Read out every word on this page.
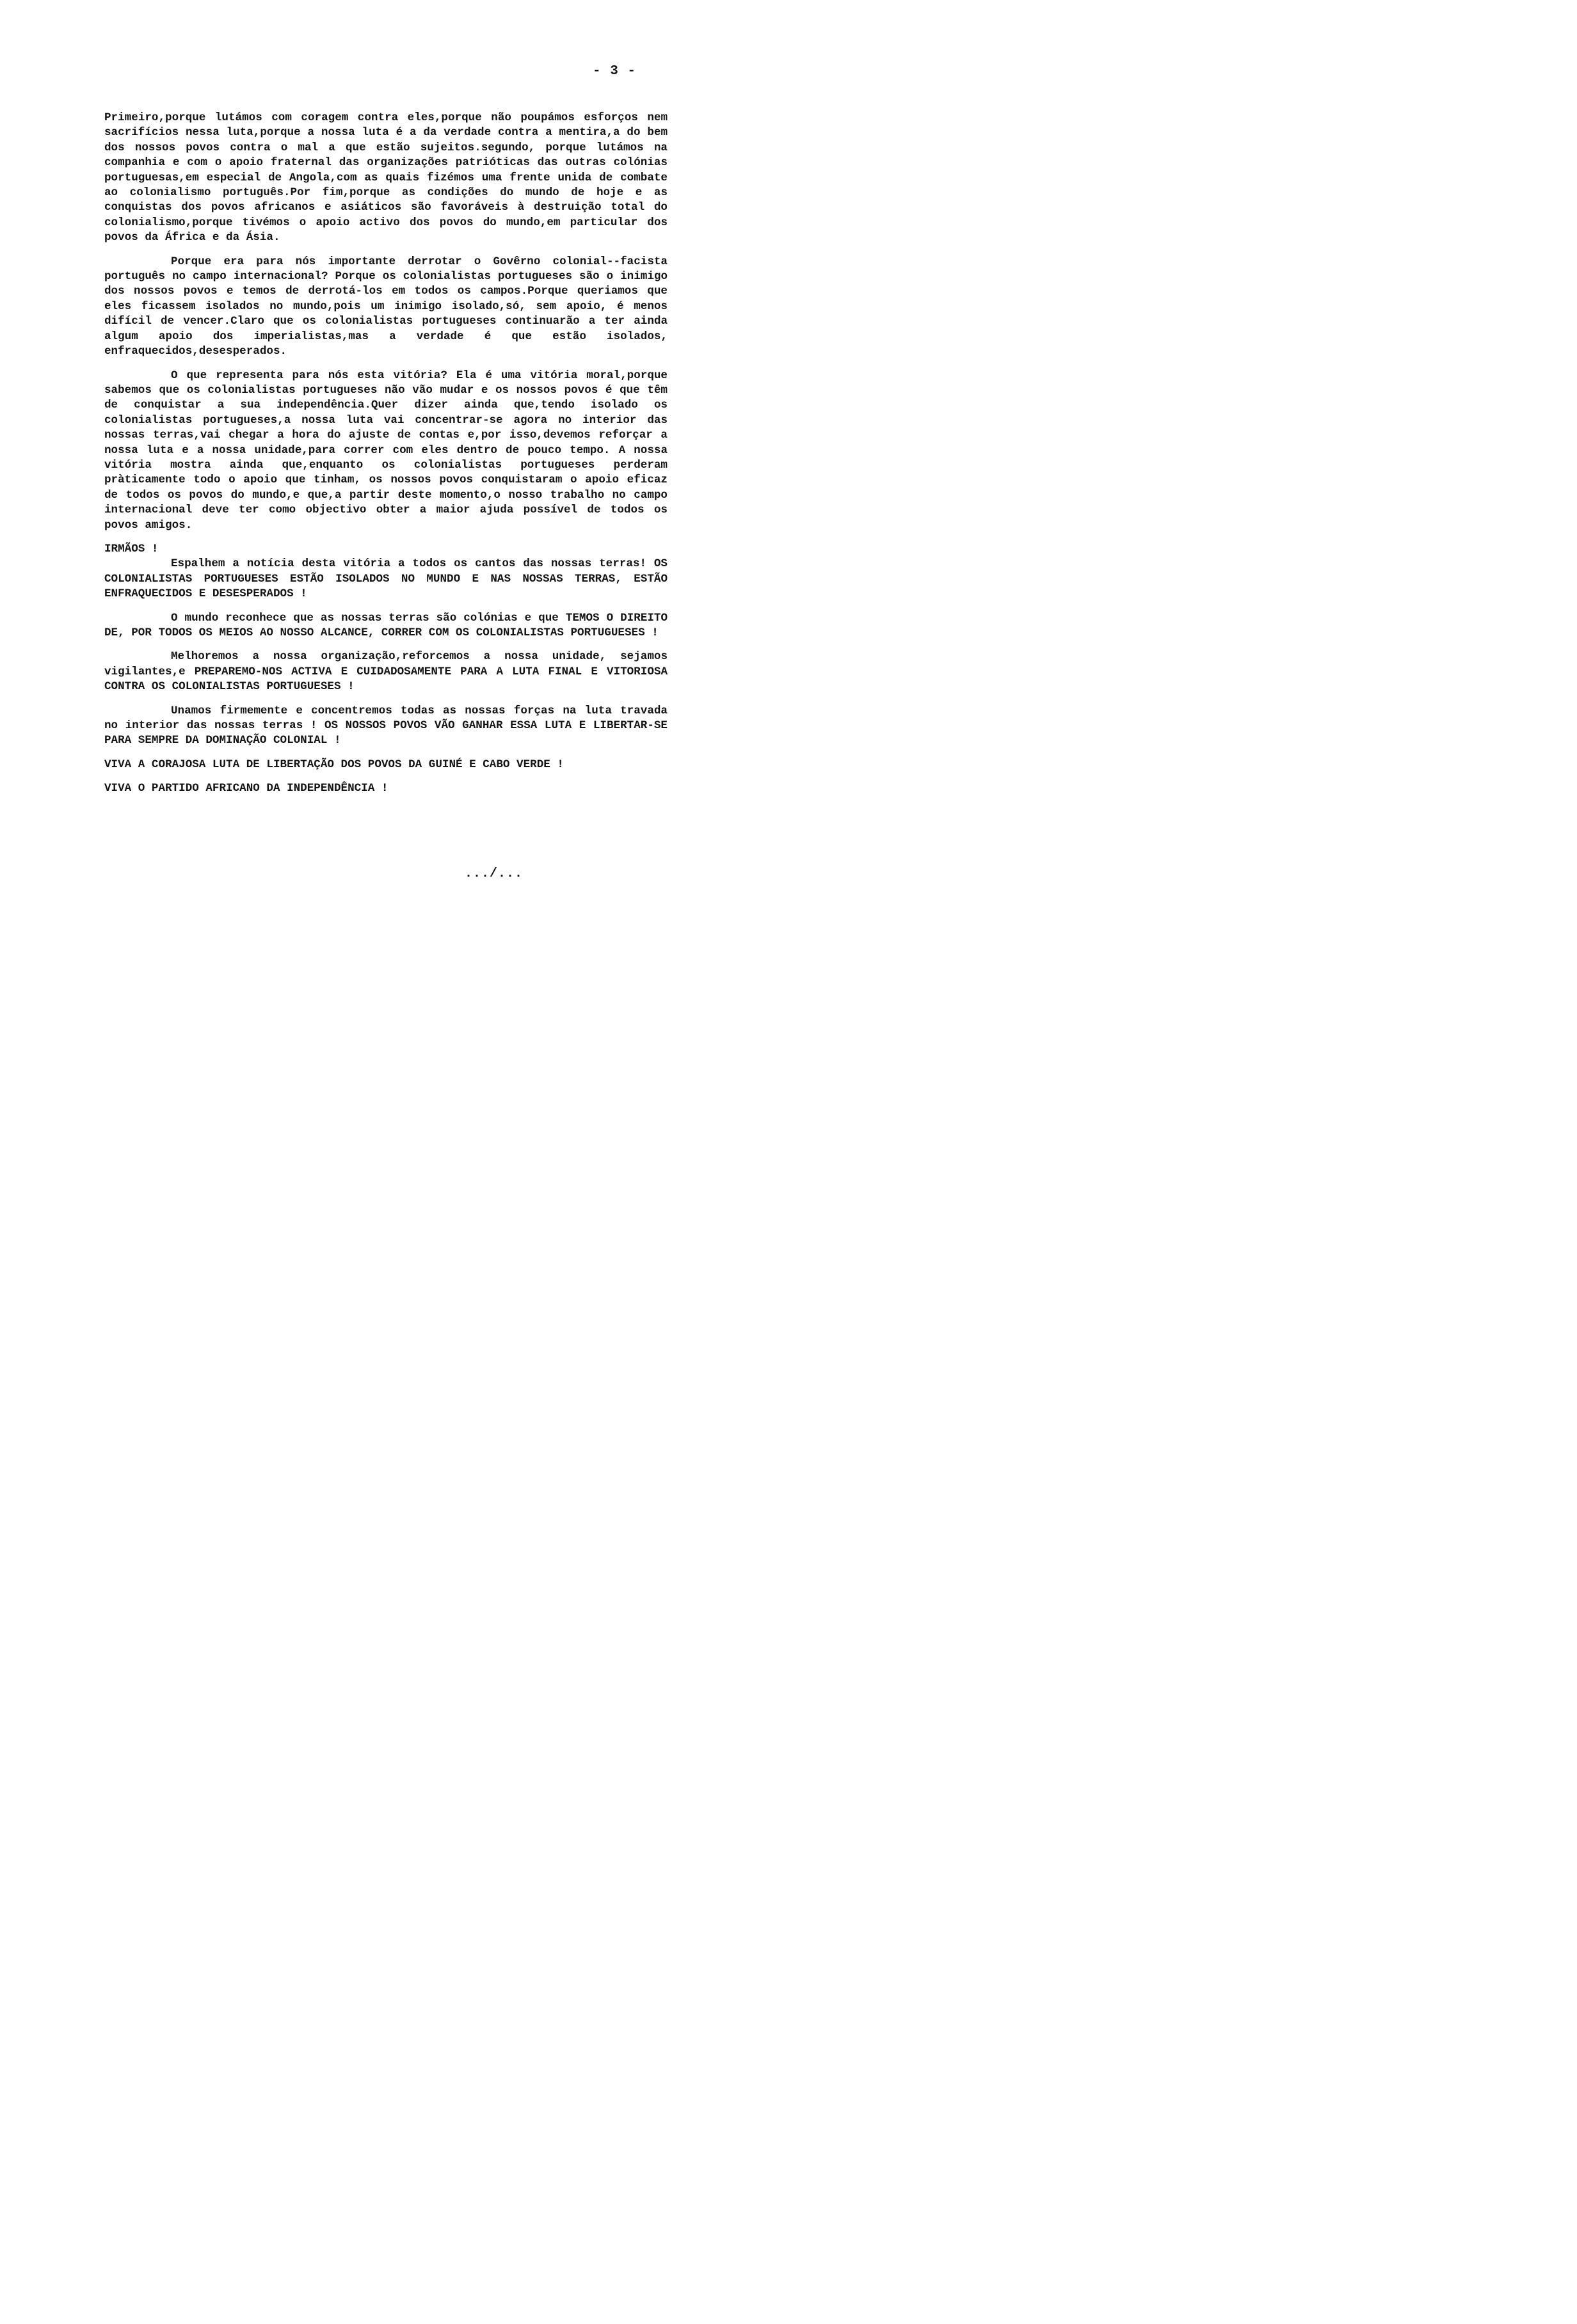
- 3 -

Primeiro,porque lutámos com coragem contra eles,porque não poupámos esforços nem sacrifícios nessa luta,porque a nossa luta é a da verdade contra a mentira,a do bem dos nossos povos contra o mal a que estão sujeitos.segundo, porque lutámos na companhia e com o apoio fraternal das organizações patrióticas das outras colónias portuguesas,em especial de Angola,com as quais fizémos uma frente unida de combate ao colonialismo português.Por fim,porque as condições do mundo de hoje e as conquistas dos povos africanos e asiáticos são favoráveis à destruição total do colonialismo,porque tivémos o apoio activo dos povos do mundo,em particular dos povos da África e da Ásia.

Porque era para nós importante derrotar o Govêrno colonial--facista português no campo internacional? Porque os colonialistas portugueses são o inimigo dos nossos povos e temos de derrotá-los em todos os campos.Porque queriamos que eles ficassem isolados no mundo,pois um inimigo isolado,só, sem apoio, é menos difícil de vencer.Claro que os colonialistas portugueses continuarão a ter ainda algum apoio dos imperialistas,mas a verdade é que estão isolados, enfraquecidos,desesperados.

O que representa para nós esta vitória? Ela é uma vitória moral,porque sabemos que os colonialistas portugueses não vão mudar e os nossos povos é que têm de conquistar a sua independência.Quer dizer ainda que,tendo isolado os colonialistas portugueses,a nossa luta vai concentrar-se agora no interior das nossas terras,vai chegar a hora do ajuste de contas e,por isso,devemos reforçar a nossa luta e a nossa unidade,para correr com eles dentro de pouco tempo. A nossa vitória mostra ainda que,enquanto os colonialistas portugueses perderam pràticamente todo o apoio que tinham, os nossos povos conquistaram o apoio eficaz de todos os povos do mundo,e que,a partir deste momento,o nosso trabalho no campo internacional deve ter como objectivo obter a maior ajuda possível de todos os povos amigos.

IRMÃOS !

Espalhem a notícia desta vitória a todos os cantos das nossas terras! OS COLONIALISTAS PORTUGUESES ESTÃO ISOLADOS NO MUNDO E NAS NOSSAS TERRAS, ESTÃO ENFRAQUECIDOS E DESESPERADOS !

O mundo reconhece que as nossas terras são colónias e que TEMOS O DIREITO DE, POR TODOS OS MEIOS AO NOSSO ALCANCE, CORRER COM OS COLONIALISTAS PORTUGUESES !

Melhoremos a nossa organização,reforcemos a nossa unidade, sejamos vigilantes,e PREPAREMO-NOS ACTIVA E CUIDADOSAMENTE PARA A LUTA FINAL E VITORIOSA CONTRA OS COLONIALISTAS PORTUGUESES !

Unamos firmemente e concentremos todas as nossas forças na luta travada no interior das nossas terras ! OS NOSSOS POVOS VÃO GANHAR ESSA LUTA E LIBERTAR-SE PARA SEMPRE DA DOMINAÇÃO COLONIAL !

VIVA A CORAJOSA LUTA DE LIBERTAÇÃO DOS POVOS DA GUINÉ E CABO VERDE !

VIVA O PARTIDO AFRICANO DA INDEPENDÊNCIA !

.../...
